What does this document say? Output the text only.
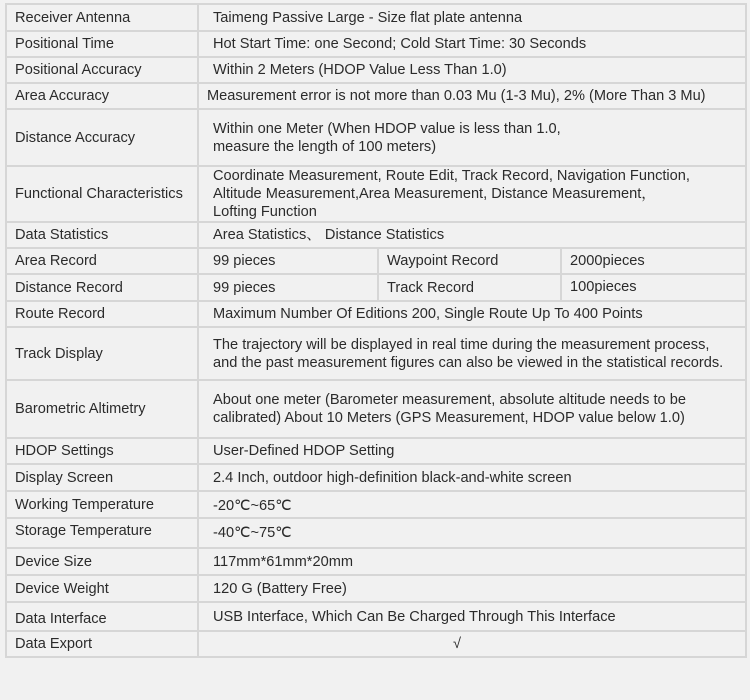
Receiver Antenna	Taimeng Passive Large - Size flat plate antenna		
Positional Time	Hot Start Time: one Second; Cold Start Time: 30 Seconds		
Positional Accuracy	Within 2 Meters (HDOP Value Less Than 1.0)		
Area Accuracy	Measurement error is not more than 0.03 Mu (1-3 Mu), 2% (More Than 3 Mu)		
Distance Accuracy	Within one Meter (When HDOP value is less than 1.0,
measure the length of 100 meters)		

Functional Characteristics	Coordinate Measurement, Route Edit, Track Record, Navigation Function,
Altitude Measurement,Area Measurement, Distance Measurement，
Lofting Function		

Data Statistics	Area Statistics、 Distance Statistics		
Area Record	99 pieces	Waypoint Record	2000pieces
Distance Record	99 pieces	Track Record	100pieces
Route Record	Maximum Number Of Editions 200, Single Route Up To 400 Points		
Track Display	The trajectory will be displayed in real time during the measurement process,
and the past measurement figures can also be viewed in the statistical records.		

Barometric Altimetry	About one meter (Barometer measurement, absolute altitude needs to be
calibrated) About 10 Meters (GPS Measurement, HDOP value below 1.0)		

HDOP Settings	User-Defined HDOP Setting		
Display Screen	2.4 Inch, outdoor high-definition black-and-white screen		
Working Temperature	-20℃~65℃		
Storage Temperature	-40℃~75℃		
Device Size	117mm*61mm*20mm		
Device Weight	120 G (Battery Free)		
Data Interface	USB Interface, Which Can Be Charged Through This Interface		
Data Export	√		
